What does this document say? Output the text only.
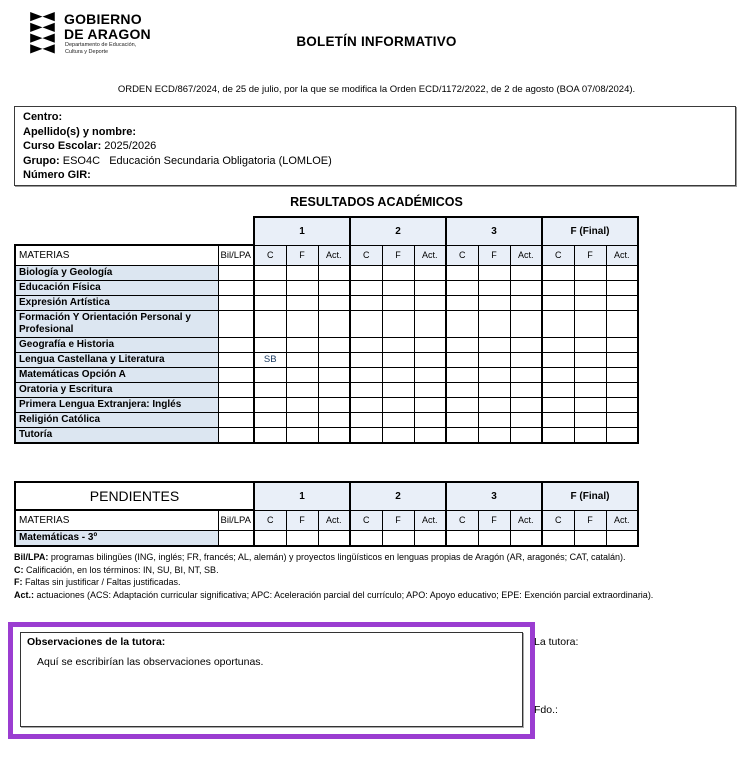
GOBIERNO
DE ARAGON
Departamento de Educación,
Cultura y Deporte
BOLETÍN INFORMATIVO
ORDEN ECD/867/2024, de 25 de julio, por la que se modifica la Orden ECD/1172/2022, de 2 de agosto (BOA 07/08/2024).
Centro:
Apellido(s) y nombre:
Curso Escolar: 2025/2026
Grupo: ESO4C   Educación Secundaria Obligatoria (LOMLOE)
Número GIR:
RESULTADOS ACADÉMICOS
		1			2			3			F (Final)		
MATERIAS	Bil/LPA	C	F	Act.	C	F	Act.	C	F	Act.	C	F	Act.
Biología y Geología													
Educación Física													
Expresión Artística													
Formación Y Orientación Personal y Profesional													
Geografía e Historia													
Lengua Castellana y Literatura		SB											
Matemáticas Opción A													
Oratoria y Escritura													
Primera Lengua Extranjera: Inglés													
Religión Católica													
Tutoría													
PENDIENTES		1			2			3			F (Final)		
MATERIAS	Bil/LPA	C	F	Act.	C	F	Act.	C	F	Act.	C	F	Act.
Matemáticas - 3º													
Bil/LPA: programas bilingües (ING, inglés; FR, francés; AL, alemán) y proyectos lingüísticos en lenguas propias de Aragón (AR, aragonés; CAT, catalán).
C: Calificación, en los términos: IN, SU, BI, NT, SB.
F: Faltas sin justificar / Faltas justificadas.
Act.: actuaciones (ACS: Adaptación curricular significativa; APC: Aceleración parcial del currículo; APO: Apoyo educativo; EPE: Exención parcial extraordinaria).
Observaciones de la tutora:
Aquí se escribirían las observaciones oportunas.
La tutora:
Fdo.:
